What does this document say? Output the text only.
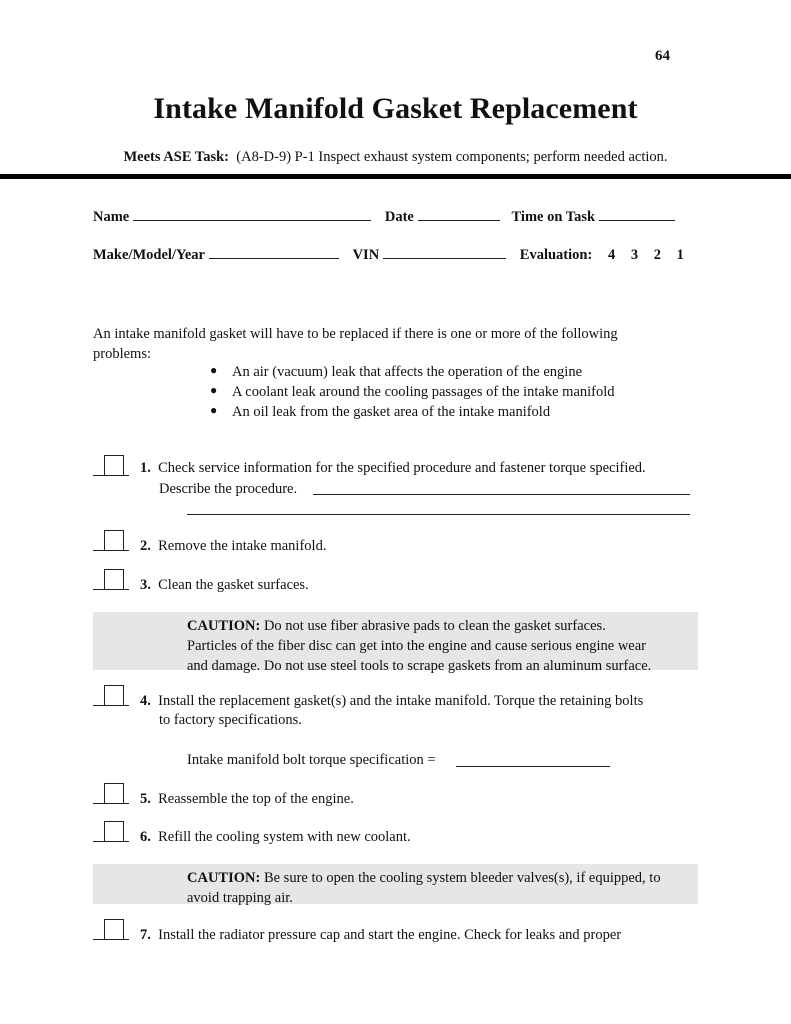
64
Intake Manifold Gasket Replacement
Meets ASE Task: (A8-D-9) P-1 Inspect exhaust system components; perform needed action.
Name	Date	Time on Task
Make/Model/Year	VIN	Evaluation: 4 3 2 1
An intake manifold gasket will have to be replaced if there is one or more of the following problems:
● An air (vacuum) leak that affects the operation of the engine
● A coolant leak around the cooling passages of the intake manifold
● An oil leak from the gasket area of the intake manifold
1. Check service information for the specified procedure and fastener torque specified.
Describe the procedure.
2. Remove the intake manifold.
3. Clean the gasket surfaces.
CAUTION: Do not use fiber abrasive pads to clean the gasket surfaces.
Particles of the fiber disc can get into the engine and cause serious engine wear
and damage. Do not use steel tools to scrape gaskets from an aluminum surface.
4. Install the replacement gasket(s) and the intake manifold. Torque the retaining bolts
to factory specifications.
Intake manifold bolt torque specification =
5. Reassemble the top of the engine.
6. Refill the cooling system with new coolant.
CAUTION: Be sure to open the cooling system bleeder valves(s), if equipped, to
avoid trapping air.
7. Install the radiator pressure cap and start the engine. Check for leaks and proper
